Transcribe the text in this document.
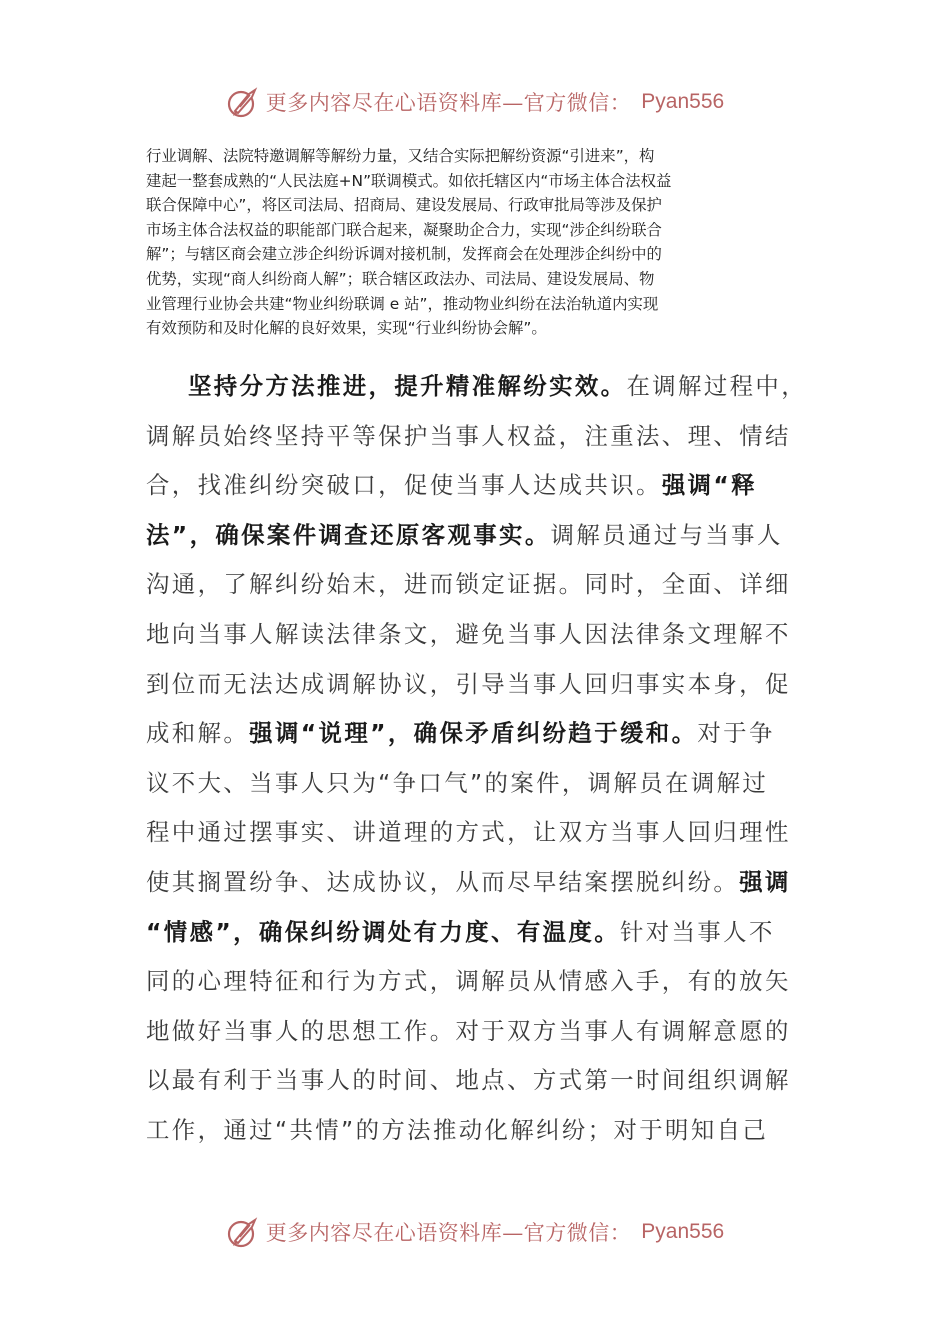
更多内容尽在心语资料库—官方微信： Pyan556
行业调解、法院特邀调解等解纷力量，又结合实际把解纷资源“引进来”，构
建起一整套成熟的“人民法庭+N”联调模式。如依托辖区内“市场主体合法权益
联合保障中心”，将区司法局、招商局、建设发展局、行政审批局等涉及保护
市场主体合法权益的职能部门联合起来，凝聚助企合力，实现“涉企纠纷联合
解”；与辖区商会建立涉企纠纷诉调对接机制，发挥商会在处理涉企纠纷中的
优势，实现“商人纠纷商人解”；联合辖区政法办、司法局、建设发展局、物
业管理行业协会共建“物业纠纷联调 e 站”，推动物业纠纷在法治轨道内实现
有效预防和及时化解的良好效果，实现“行业纠纷协会解”。
坚持分方法推进，提升精准解纷实效。在调解过程中，
调解员始终坚持平等保护当事人权益，注重法、理、情结
合，找准纠纷突破口，促使当事人达成共识。强调“释
法”，确保案件调查还原客观事实。调解员通过与当事人
沟通，了解纠纷始末，进而锁定证据。同时，全面、详细
地向当事人解读法律条文，避免当事人因法律条文理解不
到位而无法达成调解协议，引导当事人回归事实本身，促
成和解。强调“说理”，确保矛盾纠纷趋于缓和。对于争
议不大、当事人只为“争口气”的案件，调解员在调解过
程中通过摆事实、讲道理的方式，让双方当事人回归理性
使其搁置纷争、达成协议，从而尽早结案摆脱纠纷。强调
“情感”，确保纠纷调处有力度、有温度。针对当事人不
同的心理特征和行为方式，调解员从情感入手，有的放矢
地做好当事人的思想工作。对于双方当事人有调解意愿的
以最有利于当事人的时间、地点、方式第一时间组织调解
工作，通过“共情”的方法推动化解纠纷；对于明知自己
更多内容尽在心语资料库—官方微信： Pyan556
